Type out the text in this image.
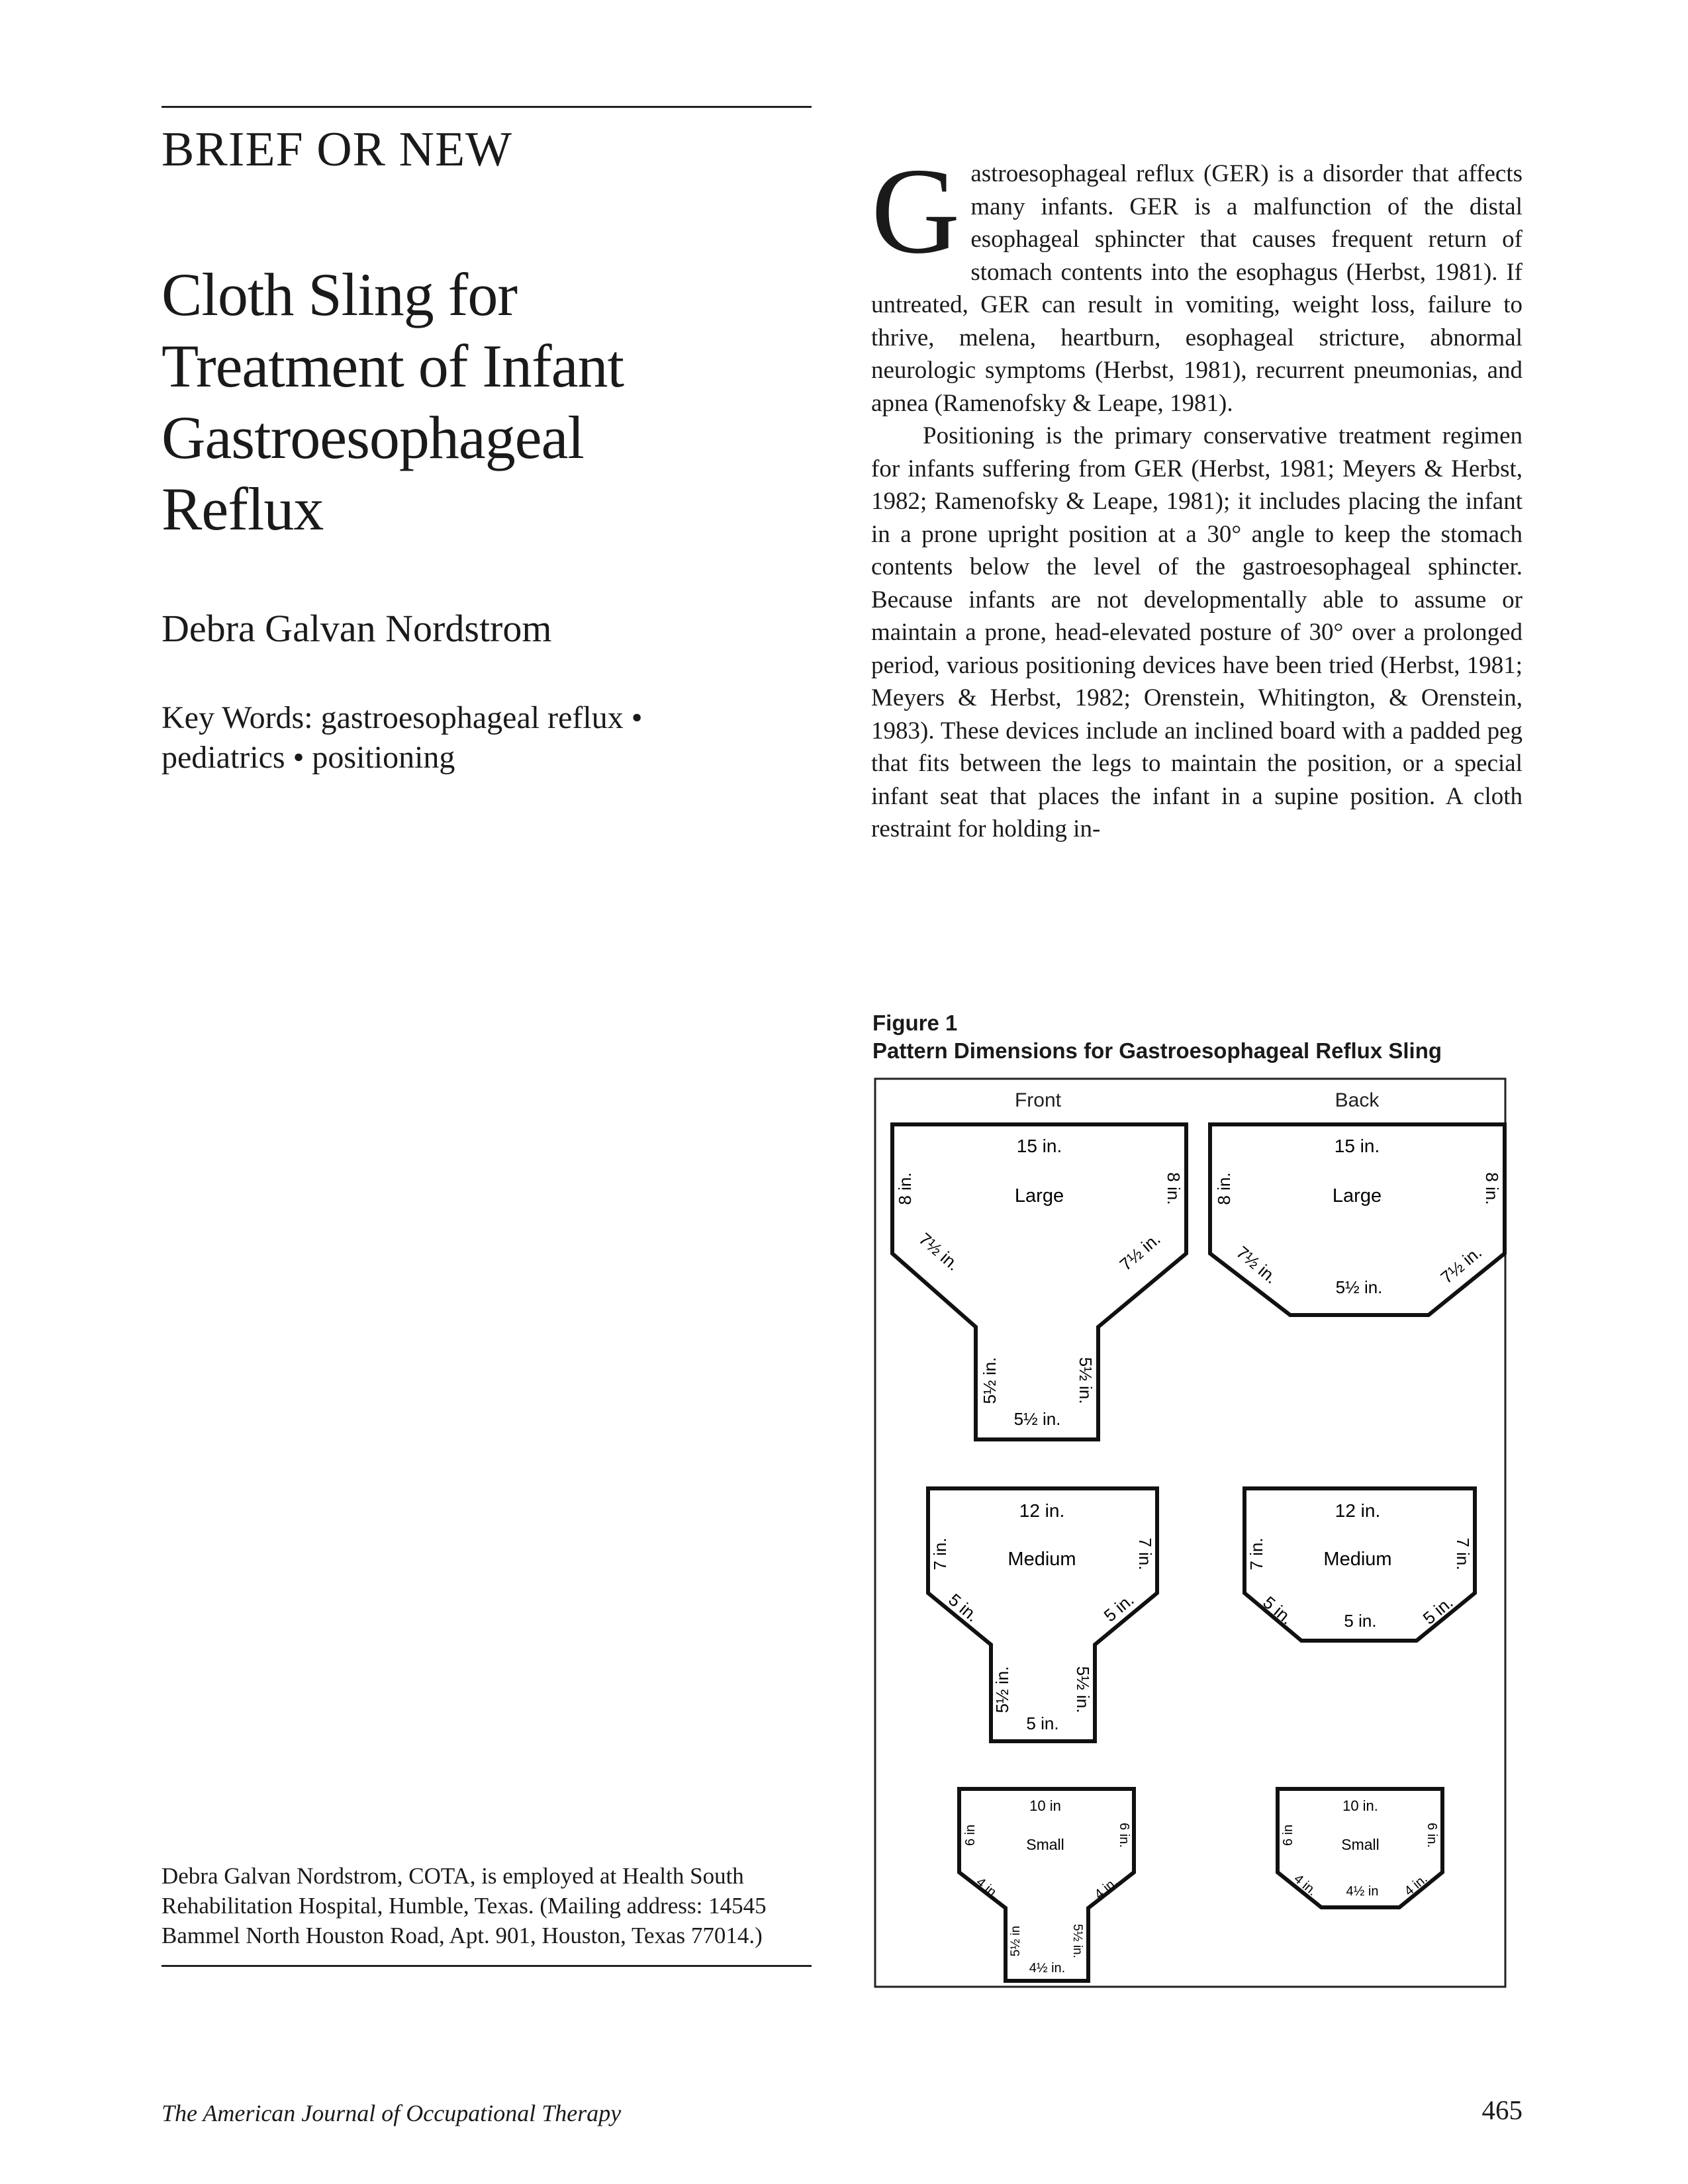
BRIEF OR NEW
Cloth Sling for
Treatment of Infant
Gastroesophageal
Reflux
Debra Galvan Nordstrom
Key Words: gastroesophageal reflux •
pediatrics • positioning

Debra Galvan Nordstrom, COTA, is employed at Health South Rehabilitation Hospital, Humble, Texas. (Mailing address: 14545 Bammel North Houston Road, Apt. 901, Houston, Texas 77014.)

Gastroesophageal reflux (GER) is a disorder that affects many infants. GER is a malfunction of the distal esophageal sphincter that causes frequent return of stomach contents into the esophagus (Herbst, 1981). If untreated, GER can result in vomiting, weight loss, failure to thrive, melena, heartburn, esophageal stricture, abnormal neurologic symptoms (Herbst, 1981), recurrent pneumonias, and apnea (Ramenofsky & Leape, 1981).

Positioning is the primary conservative treatment regimen for infants suffering from GER (Herbst, 1981; Meyers & Herbst, 1982; Ramenofsky & Leape, 1981); it includes placing the infant in a prone upright position at a 30° angle to keep the stomach contents below the level of the gastroesophageal sphincter. Because infants are not developmentally able to assume or maintain a prone, head-elevated posture of 30° over a prolonged period, various positioning devices have been tried (Herbst, 1981; Meyers & Herbst, 1982; Orenstein, Whitington, & Orenstein, 1983). These devices include an inclined board with a padded peg that fits between the legs to maintain the position, or a special infant seat that places the infant in a supine position. A cloth restraint for holding in-

Figure 1

Pattern Dimensions for Gastroesophageal Reflux Sling

Front	Back
15 in.
Large
8 in.	8 in.
7½ in.	7½ in.
5½ in.	5½ in.
5½ in.
15 in.
Large
8 in.	8 in.
7½ in.	7½ in.
5½ in.
12 in.
Medium
7 in.	7 in.
5 in.	5 in.
5½ in.	5½ in.
5 in.
12 in.
Medium
7 in.	7 in.
5 in.	5 in.
5 in.
10 in
Small
6 in	6 in.
4 in.	4 in.
5½ in	5½ in.
4½ in.
10 in.
Small
6 in	6 in.
4 in.	4 in.
4½ in
The American Journal of Occupational Therapy	465
